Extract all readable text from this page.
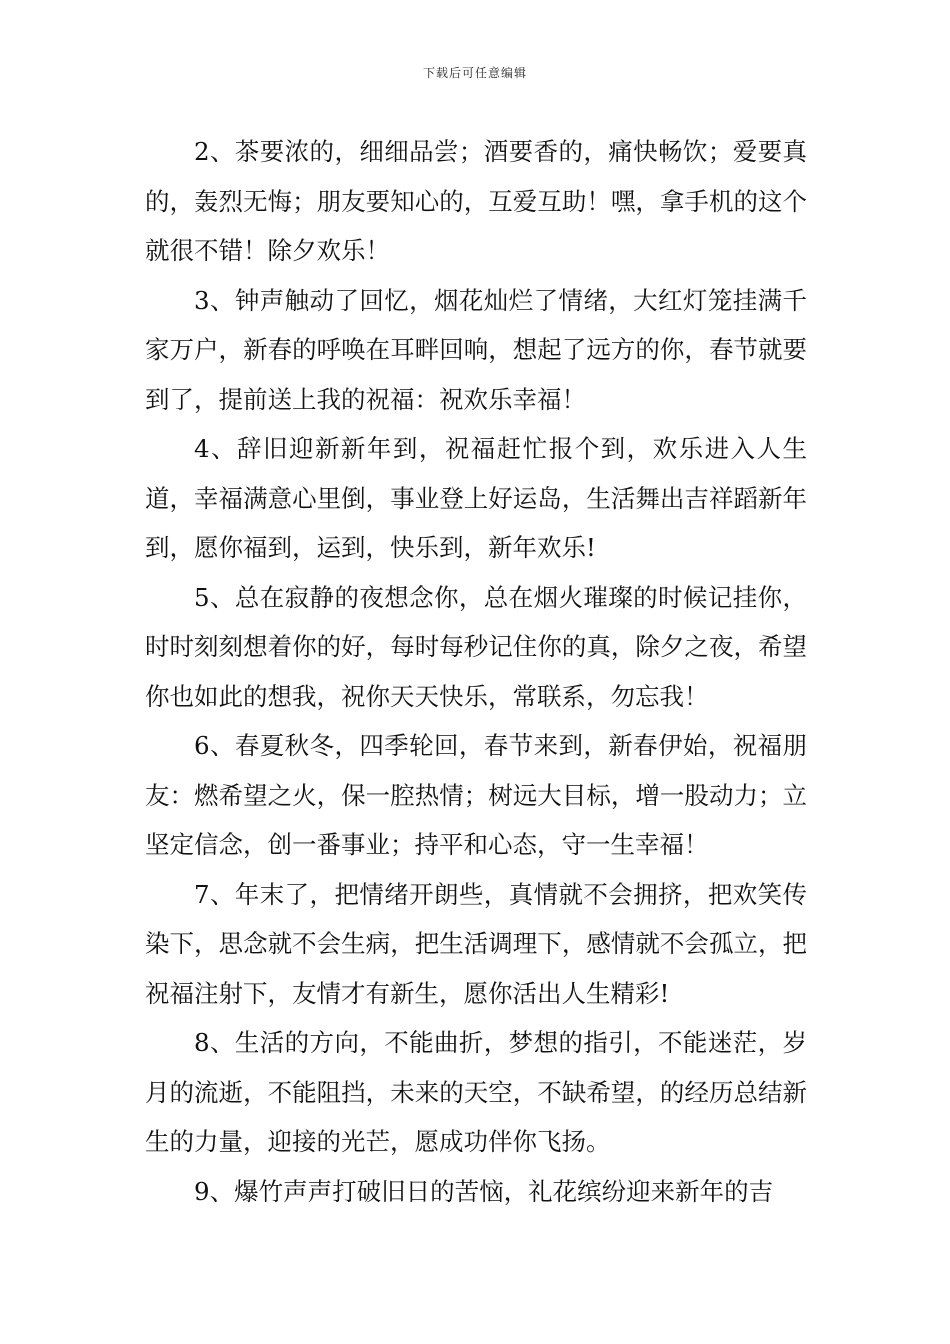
下载后可任意编辑

2、茶要浓的，细细品尝；酒要香的，痛快畅饮；爱要真的，轰烈无悔；朋友要知心的，互爱互助！嘿，拿手机的这个就很不错！除夕欢乐！

3、钟声触动了回忆，烟花灿烂了情绪，大红灯笼挂满千家万户，新春的呼唤在耳畔回响，想起了远方的你，春节就要到了，提前送上我的祝福：祝欢乐幸福！

4、辞旧迎新新年到，祝福赶忙报个到，欢乐进入人生道，幸福满意心里倒，事业登上好运岛，生活舞出吉祥蹈新年到，愿你福到，运到，快乐到，新年欢乐!

5、总在寂静的夜想念你，总在烟火璀璨的时候记挂你，时时刻刻想着你的好，每时每秒记住你的真，除夕之夜，希望你也如此的想我，祝你天天快乐，常联系，勿忘我！

6、春夏秋冬，四季轮回，春节来到，新春伊始，祝福朋友：燃希望之火，保一腔热情；树远大目标，增一股动力；立坚定信念，创一番事业；持平和心态，守一生幸福！

7、年末了，把情绪开朗些，真情就不会拥挤，把欢笑传染下，思念就不会生病，把生活调理下，感情就不会孤立，把祝福注射下，友情才有新生，愿你活出人生精彩!

8、生活的方向，不能曲折，梦想的指引，不能迷茫，岁月的流逝，不能阻挡，未来的天空，不缺希望，的经历总结新生的力量，迎接的光芒，愿成功伴你飞扬。

9、爆竹声声打破旧日的苦恼，礼花缤纷迎来新年的吉
